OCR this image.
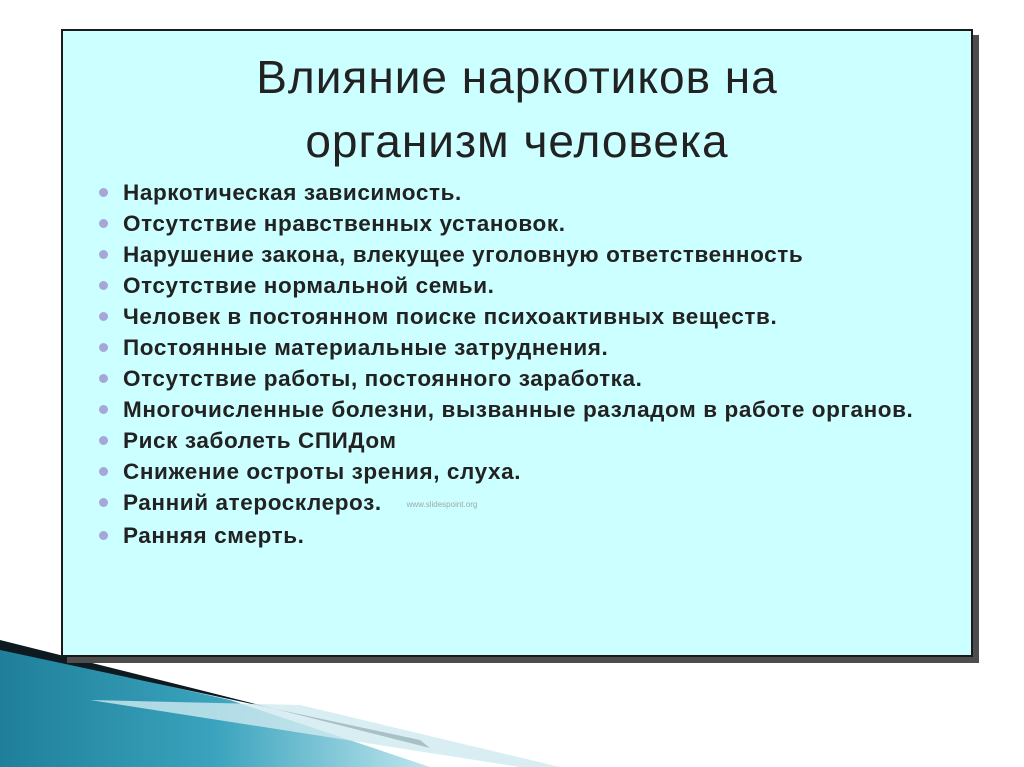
Влияние наркотиков на
организм человека
Наркотическая зависимость.
Отсутствие нравственных установок.
Нарушение закона, влекущее уголовную ответственность
Отсутствие нормальной семьи.
Человек в постоянном поиске психоактивных веществ.
Постоянные материальные затруднения.
Отсутствие работы, постоянного заработка.
Многочисленные болезни, вызванные разладом в работе органов.
Риск заболеть СПИДом
Снижение остроты зрения, слуха.
Ранний атеросклероз.	www.slidespoint.org
Ранняя смерть.
